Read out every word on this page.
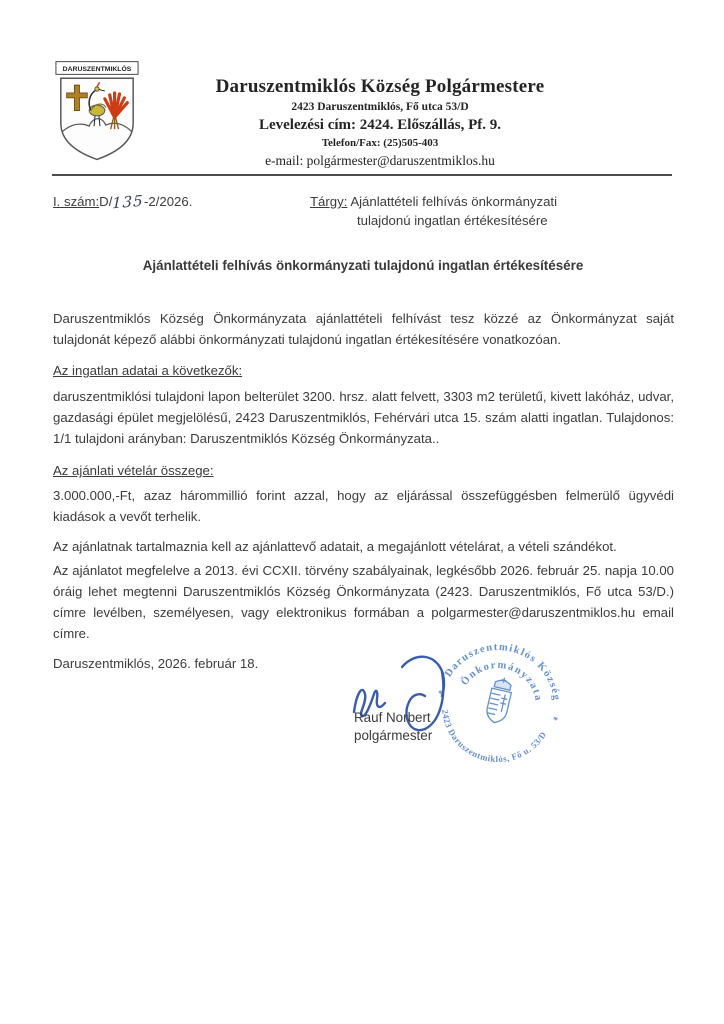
DARUSZENTMIKLÓS
Daruszentmiklós Község Polgármestere
2423 Daruszentmiklós, Fő utca 53/D
Levelezési cím: 2424. Előszállás, Pf. 9.
Telefon/Fax: (25)505-403
e-mail: polgármester@daruszentmiklos.hu
I. szám:D/135-2/2026.	Tárgy: Ajánlattételi felhívás önkormányzati
tulajdonú ingatlan értékesítésére
Ajánlattételi felhívás önkormányzati tulajdonú ingatlan értékesítésére

Daruszentmiklós Község Önkormányzata ajánlattételi felhívást tesz közzé az Önkormányzat saját tulajdonát képező alábbi önkormányzati tulajdonú ingatlan értékesítésére vonatkozóan.

Az ingatlan adatai a következők:

daruszentmiklósi tulajdoni lapon belterület 3200. hrsz. alatt felvett, 3303 m2 területű, kivett lakóház, udvar, gazdasági épület megjelölésű, 2423 Daruszentmiklós, Fehérvári utca 15. szám alatti ingatlan. Tulajdonos: 1/1 tulajdoni arányban: Daruszentmiklós Község Önkormányzata..

Az ajánlati vételár összege:

3.000.000,-Ft, azaz hárommillió forint azzal, hogy az eljárással összefüggésben felmerülő ügyvédi kiadások a vevőt terhelik.

Az ajánlatnak tartalmaznia kell az ajánlattevő adatait, a megajánlott vételárat, a vételi szándékot.

Az ajánlatot megfelelve a 2013. évi CCXII. törvény szabályainak, legkésőbb 2026. február 25. napja 10.00 óráig lehet megtenni Daruszentmiklós Község Önkormányzata (2423. Daruszentmiklós, Fő utca 53/D.) címre levélben, személyesen, vagy elektronikus formában a polgarmester@daruszentmiklos.hu email címre.

Daruszentmiklós, 2026. február 18.

Daruszentmiklós Község
2423 Daruszentmiklós, Fő u. 53/D
Önkormányzata
*
*
Rauf Norbert
polgármester
